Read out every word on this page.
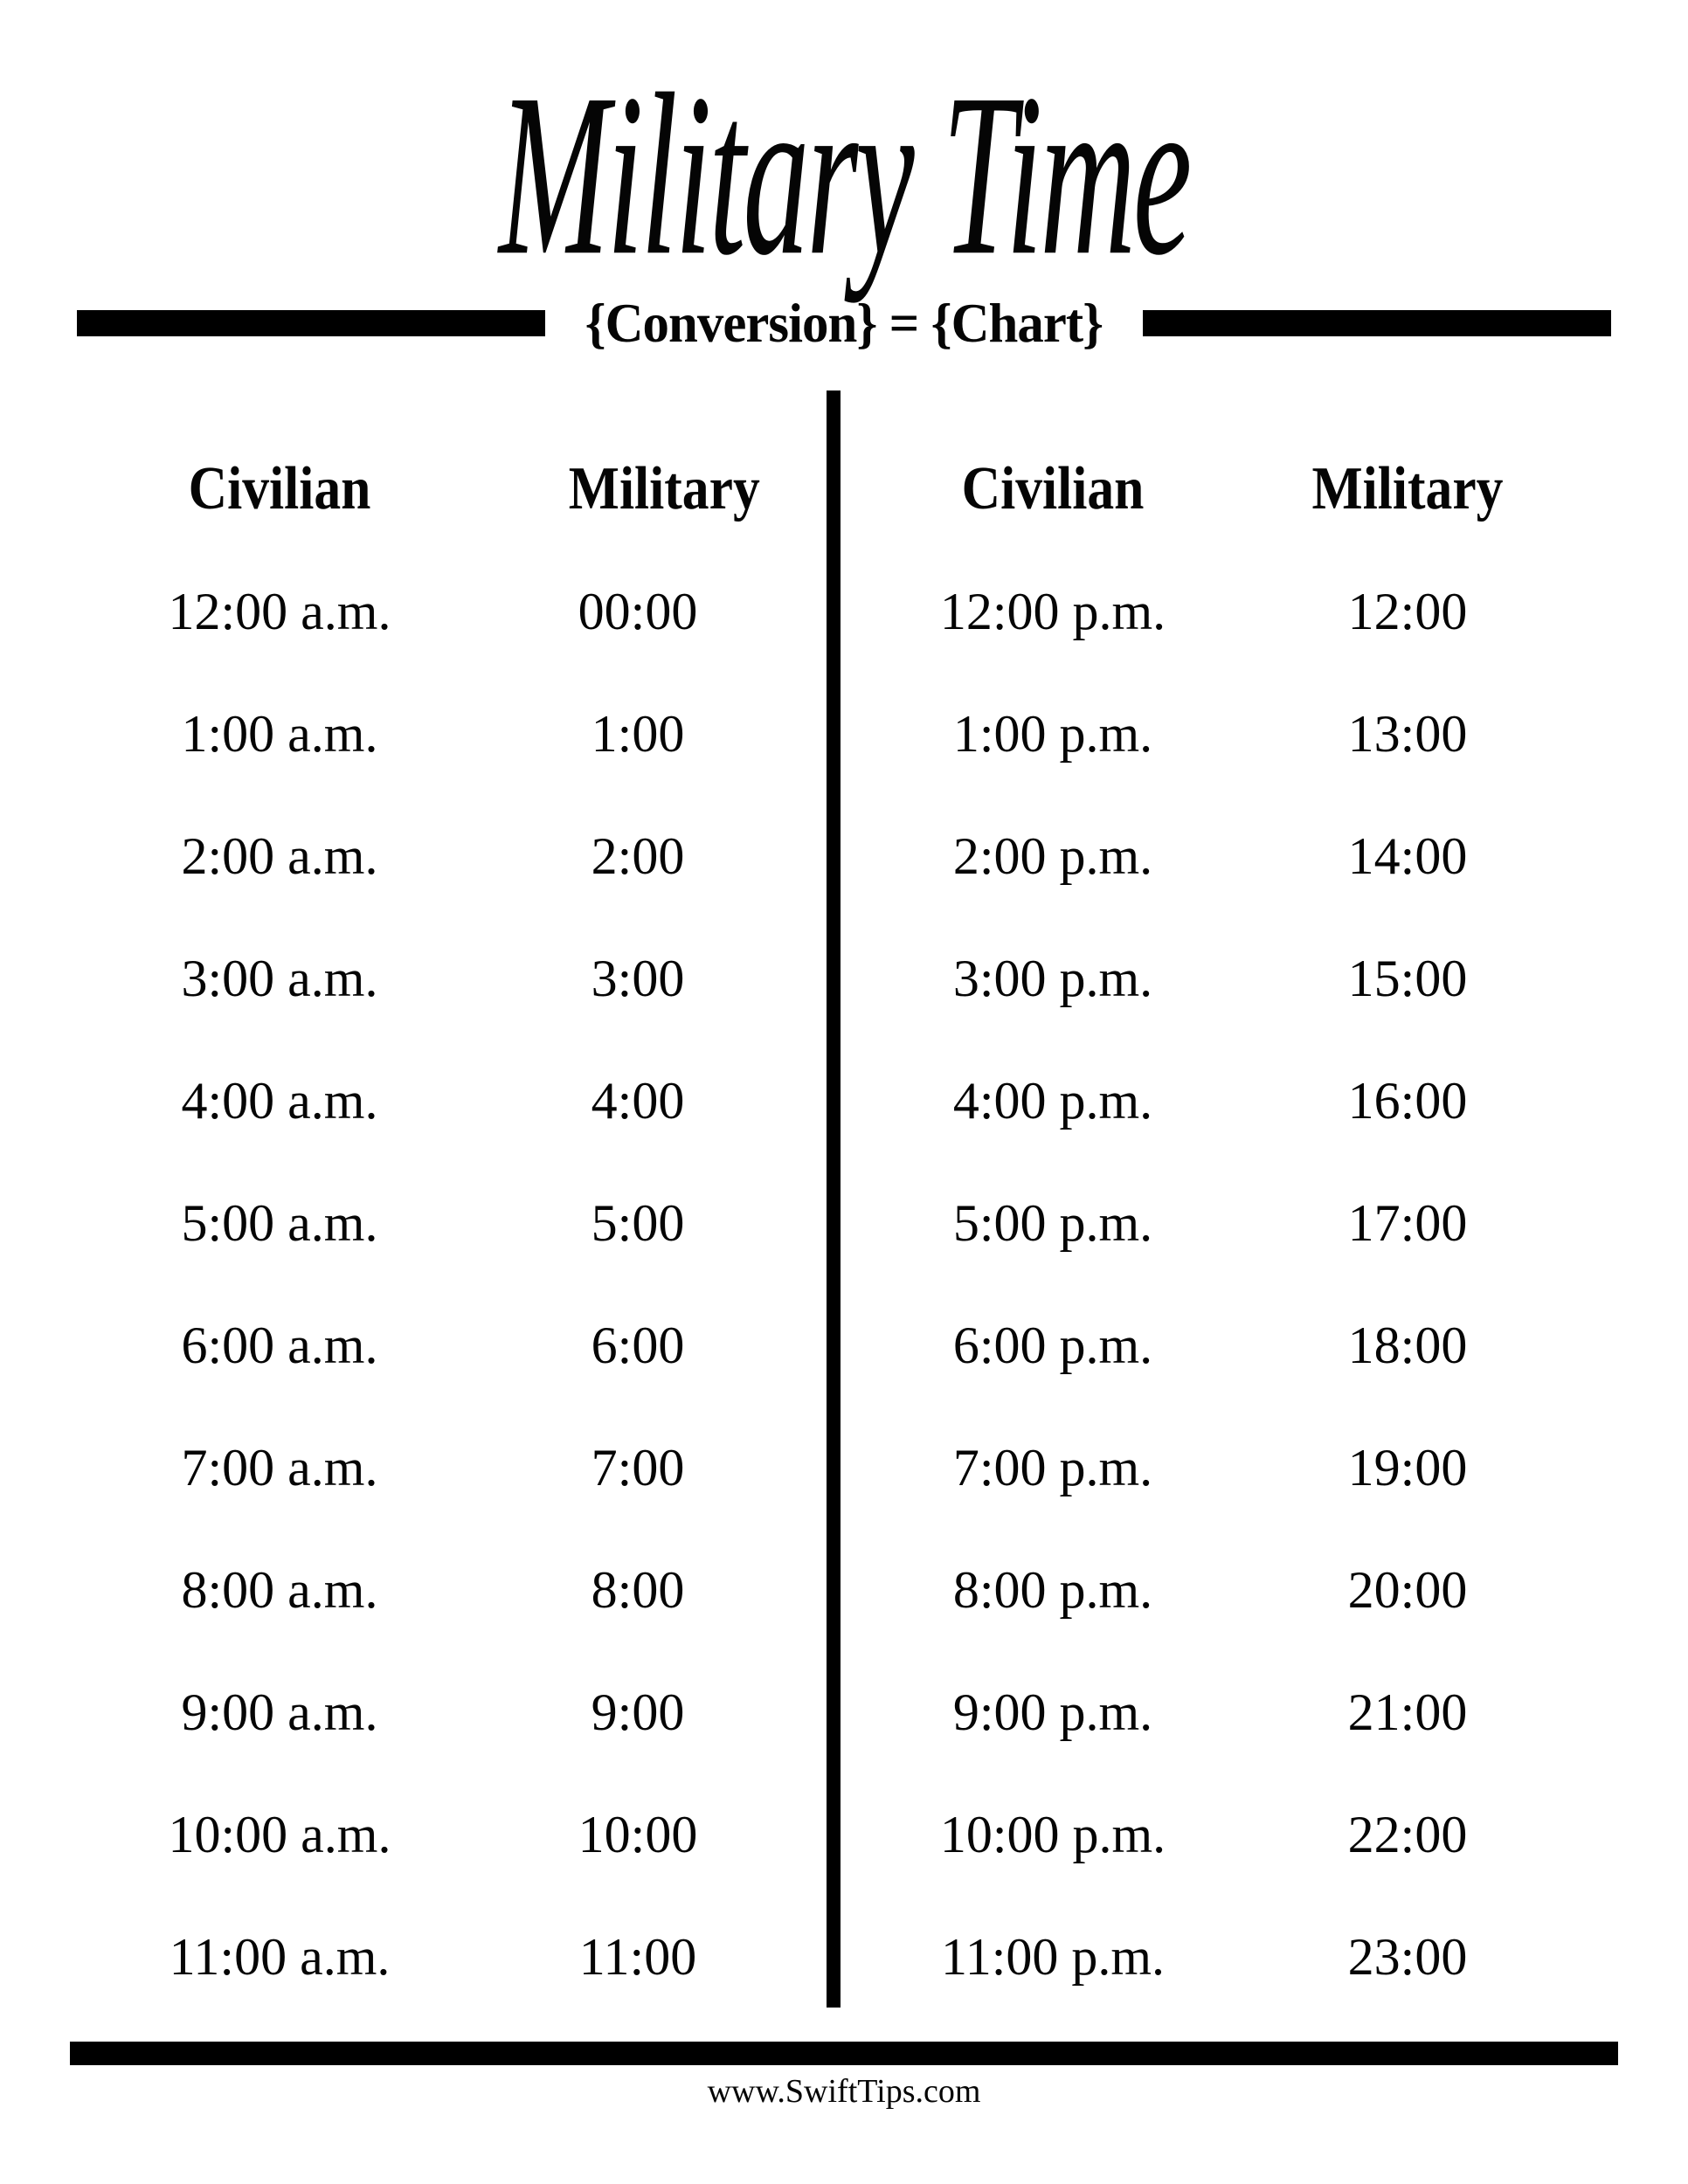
Military Time
{Conversion} = {Chart}
Civilian	Military
12:00 a.m.	00:00
1:00 a.m.	1:00
2:00 a.m.	2:00
3:00 a.m.	3:00
4:00 a.m.	4:00
5:00 a.m.	5:00
6:00 a.m.	6:00
7:00 a.m.	7:00
8:00 a.m.	8:00
9:00 a.m.	9:00
10:00 a.m.	10:00
11:00 a.m.	11:00
Civilian	Military
12:00 p.m.	12:00
1:00 p.m.	13:00
2:00 p.m.	14:00
3:00 p.m.	15:00
4:00 p.m.	16:00
5:00 p.m.	17:00
6:00 p.m.	18:00
7:00 p.m.	19:00
8:00 p.m.	20:00
9:00 p.m.	21:00
10:00 p.m.	22:00
11:00 p.m.	23:00
www.SwiftTips.com
